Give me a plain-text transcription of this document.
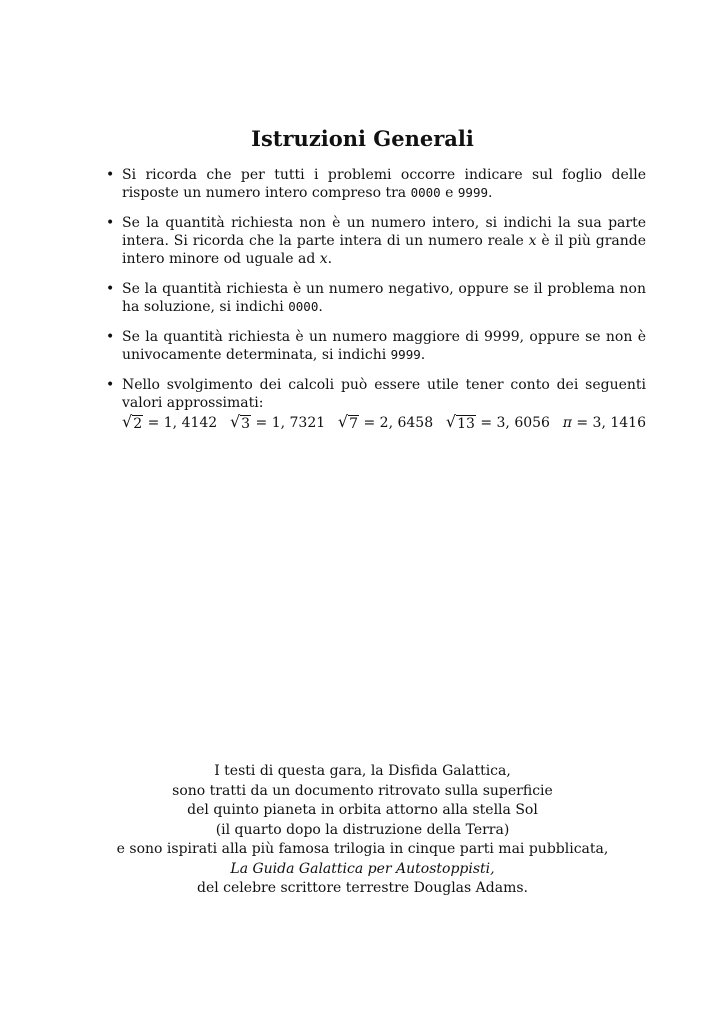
Istruzioni Generali
• Si ricorda che per tutti i problemi occorre indicare sul foglio delle risposte un numero intero compreso tra 0000 e 9999.
• Se la quantità richiesta non è un numero intero, si indichi la sua parte intera. Si ricorda che la parte intera di un numero reale x è il più grande intero minore od uguale ad x.
• Se la quantità richiesta è un numero negativo, oppure se il problema non ha soluzione, si indichi 0000.
• Se la quantità richiesta è un numero maggiore di 9999, oppure se non è univocamente determinata, si indichi 9999.
• Nello svolgimento dei calcoli può essere utile tener conto dei seguenti valori approssimati:
√ 2 = 1, 4142 √ 3 = 1, 7321 √ 7 = 2, 6458 √ 13 = 3, 6056 π = 3, 1416
I testi di questa gara, la Disfida Galattica,
sono tratti da un documento ritrovato sulla superficie
del quinto pianeta in orbita attorno alla stella Sol
(il quarto dopo la distruzione della Terra)
e sono ispirati alla più famosa trilogia in cinque parti mai pubblicata,
La Guida Galattica per Autostoppisti,
del celebre scrittore terrestre Douglas Adams.
